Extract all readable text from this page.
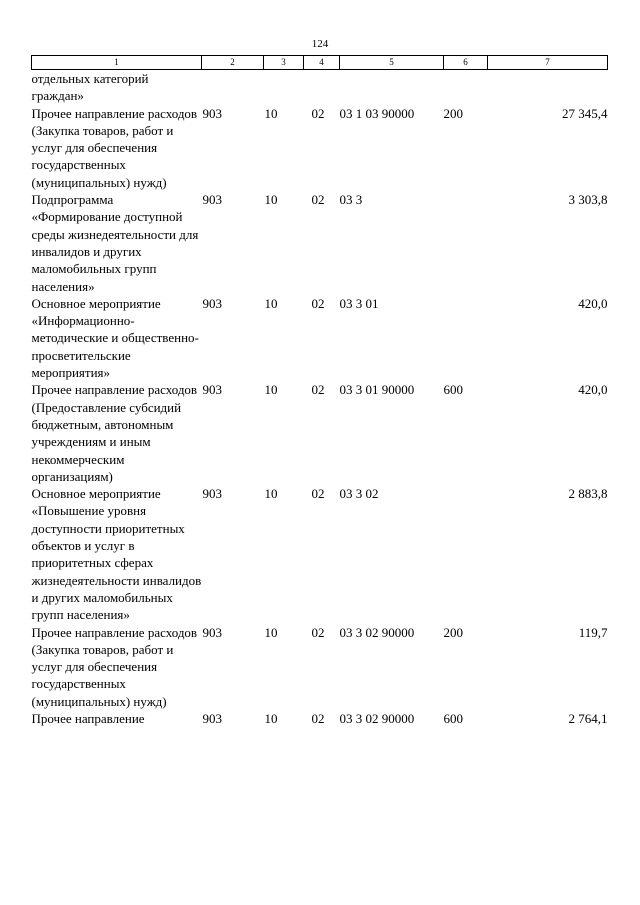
124
1	2	3	4	5	6	7
отдельных категорий граждан»						
Прочее направление расходов (Закупка товаров, работ и услуг для обеспечения государственных (муниципальных) нужд)	903	10	02	03 1 03 90000	200	27 345,4
Подпрограмма «Формирование доступной среды жизнедеятельности для инвалидов и других маломобильных групп населения»	903	10	02	03 3		3 303,8
Основное мероприятие «Информационно-методические и общественно-просветительские мероприятия»	903	10	02	03 3 01		420,0
Прочее направление расходов (Предоставление субсидий бюджетным, автономным учреждениям и иным некоммерческим организациям)	903	10	02	03 3 01 90000	600	420,0
Основное мероприятие «Повышение уровня доступности приоритетных объектов и услуг в приоритетных сферах жизнедеятельности инвалидов и других маломобильных групп населения»	903	10	02	03 3 02		2 883,8
Прочее направление расходов (Закупка товаров, работ и услуг для обеспечения государственных (муниципальных) нужд)	903	10	02	03 3 02 90000	200	119,7
Прочее направление	903	10	02	03 3 02 90000	600	2 764,1
